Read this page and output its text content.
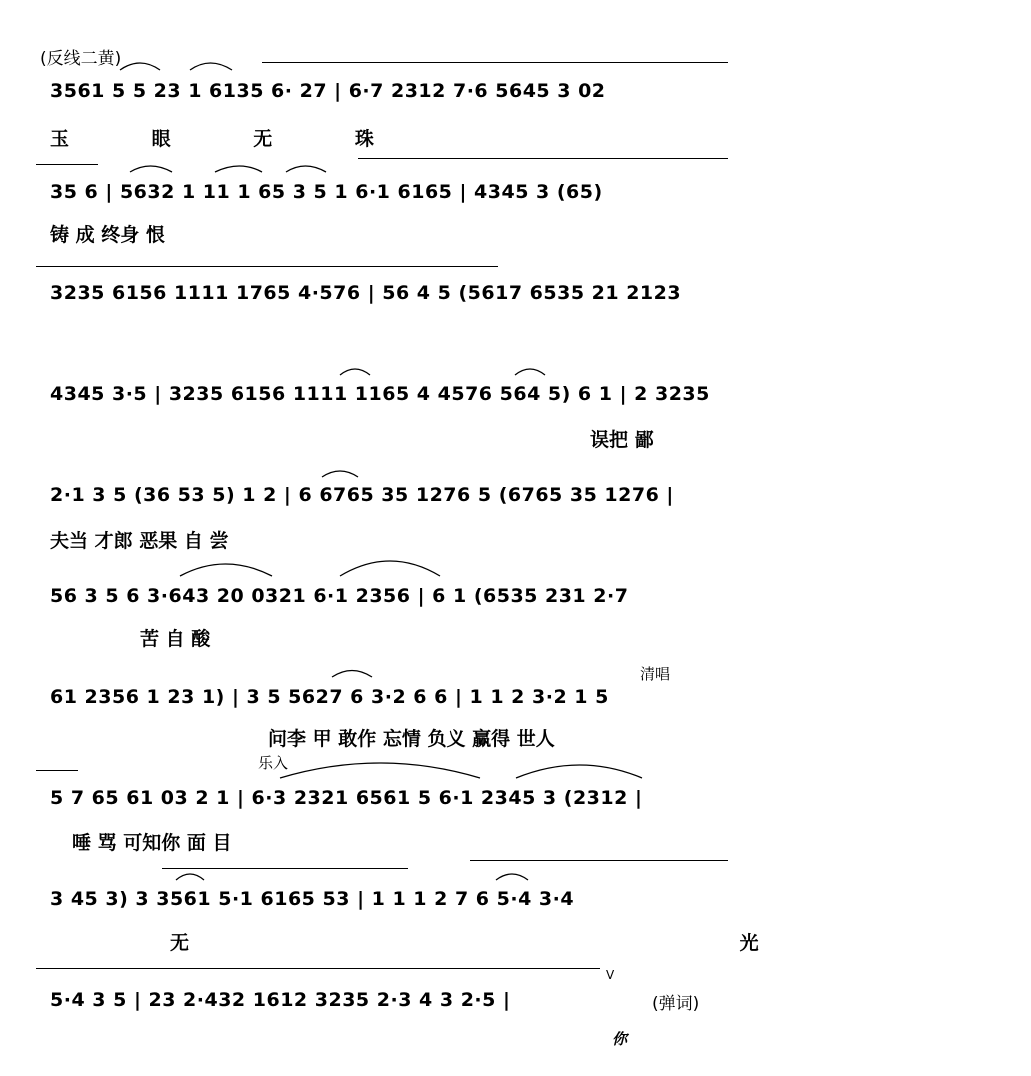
(反线二黄)
3561 5 5 23 1 6135 6· 27 | 6·7 2312 7·6 5645 3 02
玉 眼 无 珠
35 6 | 5632 1 11 1 65 3 5 1 6·1 6165 | 4345 3 (65)
铸 成 终身 恨
3235 6156 1111 1765 4·576 | 56 4 5 (5617 6535 21 2123
4345 3·5 | 3235 6156 1111 1165 4 4576 564 5) 6 1 | 2 3235
误把 鄙
2·1 3 5 (36 53 5) 1 2 | 6 6765 35 1276 5 (6765 35 1276 |
夫当 才郎 恶果 自 尝
56 3 5 6 3·643 20 0321 6·1 2356 | 6 1 (6535 231 2·7
苦 自 酸
清唱
61 2356 1 23 1) | 3 5 5627 6 3·2 6 6 | 1 1 2 3·2 1 5
问李 甲 敢作 忘情 负义 赢得 世人
乐入
5 7 65 61 03 2 1 | 6·3 2321 6561 5 6·1 2345 3 (2312 |
唾 骂 可知你 面 目
3 45 3) 3 3561 5·1 6165 53 | 1 1 1 2 7 6 5·4 3·4
无 光
5·4 3 5 | 23 2·432 1612 3235 2·3 4 3 2·5 |
V
(弹词)
你
